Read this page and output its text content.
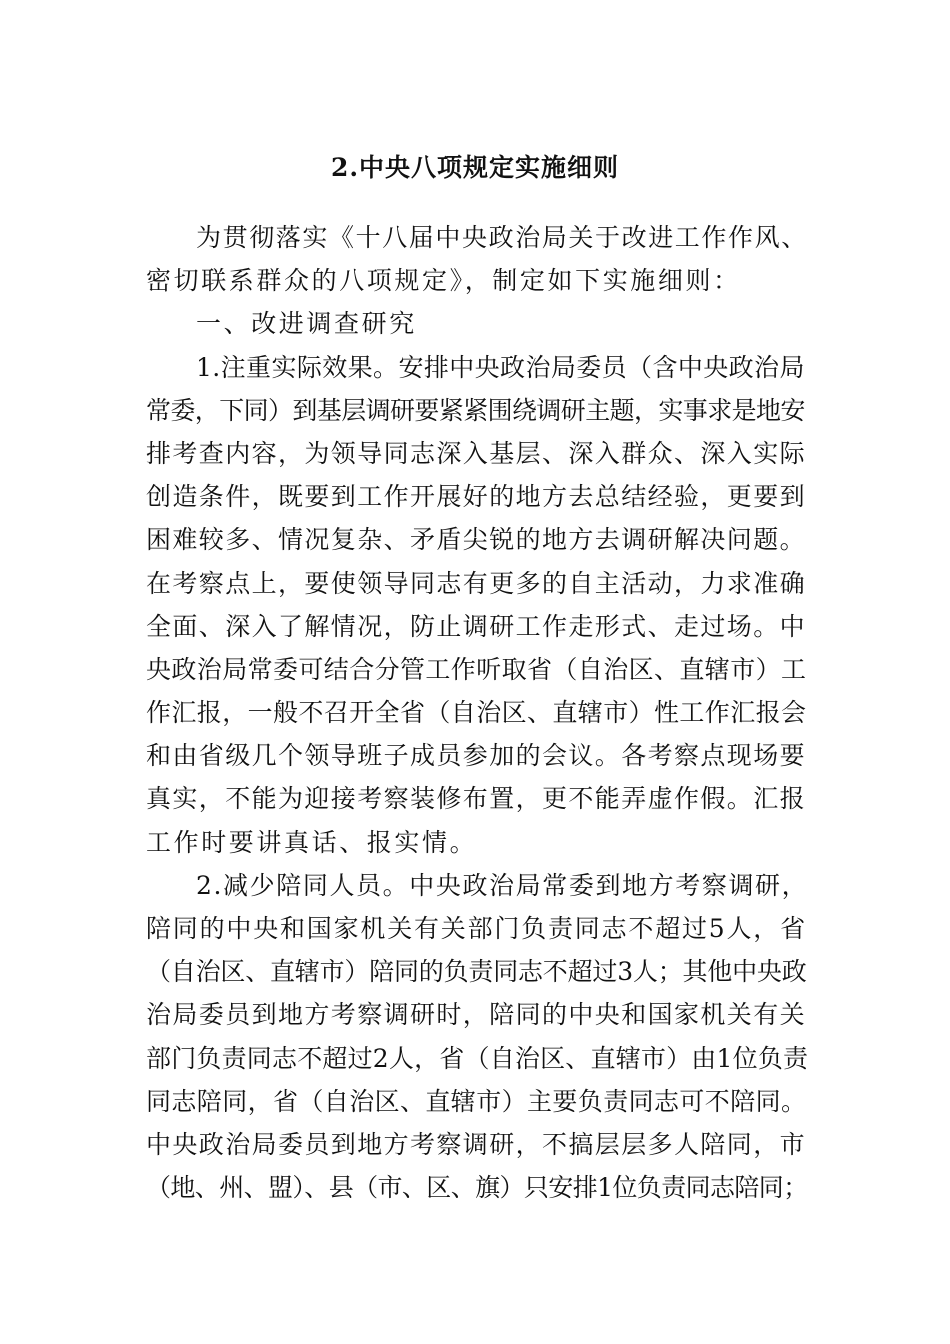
2.中央八项规定实施细则
为贯彻落实《十八届中央政治局关于改进工作作风、
密切联系群众的八项规定》，制定如下实施细则：
一、改进调查研究
1.注重实际效果。安排中央政治局委员（含中央政治局
常委，下同）到基层调研要紧紧围绕调研主题，实事求是地安
排考查内容，为领导同志深入基层、深入群众、深入实际
创造条件，既要到工作开展好的地方去总结经验，更要到
困难较多、情况复杂、矛盾尖锐的地方去调研解决问题。
在考察点上，要使领导同志有更多的自主活动，力求准确
全面、深入了解情况，防止调研工作走形式、走过场。中
央政治局常委可结合分管工作听取省（自治区、直辖市）工
作汇报，一般不召开全省（自治区、直辖市）性工作汇报会
和由省级几个领导班子成员参加的会议。各考察点现场要
真实，不能为迎接考察装修布置，更不能弄虚作假。汇报
工作时要讲真话、报实情。
2.减少陪同人员。中央政治局常委到地方考察调研，
陪同的中央和国家机关有关部门负责同志不超过5人，省
（自治区、直辖市）陪同的负责同志不超过3人；其他中央政
治局委员到地方考察调研时，陪同的中央和国家机关有关
部门负责同志不超过2人，省（自治区、直辖市）由1位负责
同志陪同，省（自治区、直辖市）主要负责同志可不陪同。
中央政治局委员到地方考察调研，不搞层层多人陪同，市
（地、州、盟）、县（市、区、旗）只安排1位负责同志陪同；
